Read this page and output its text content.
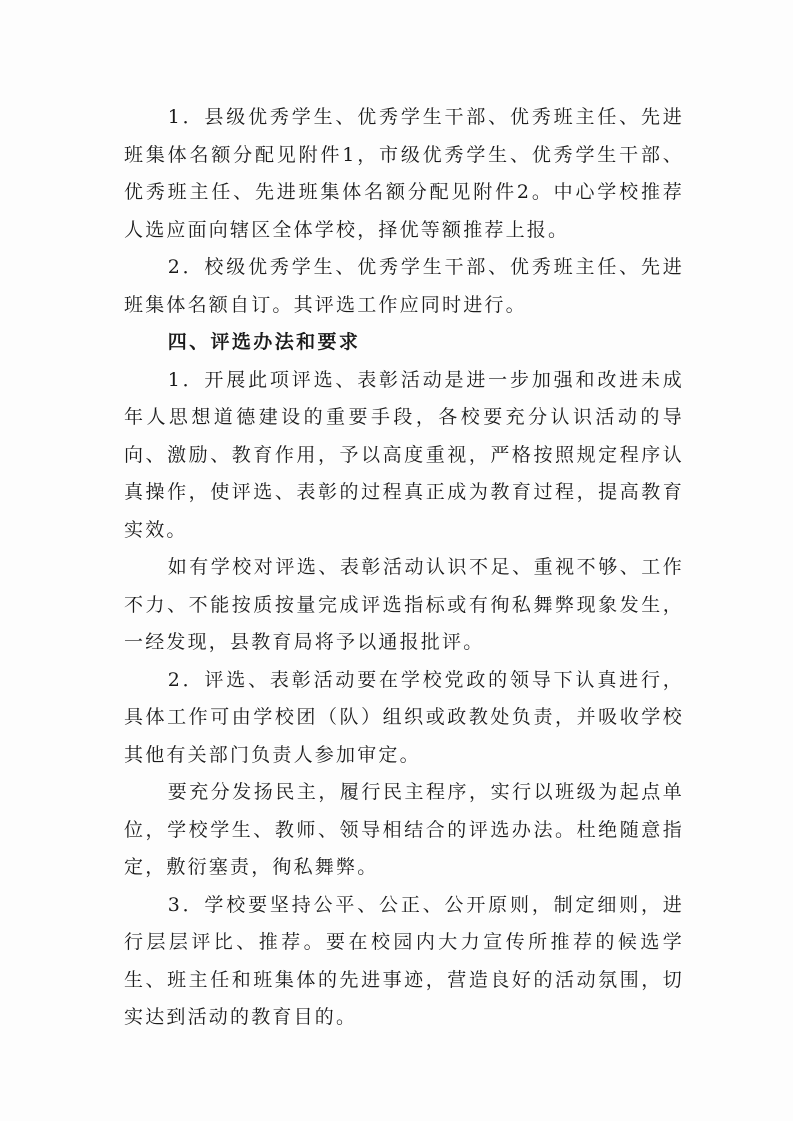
1．县级优秀学生、优秀学生干部、优秀班主任、先进班集体名额分配见附件1，市级优秀学生、优秀学生干部、优秀班主任、先进班集体名额分配见附件2。中心学校推荐人选应面向辖区全体学校，择优等额推荐上报。

2．校级优秀学生、优秀学生干部、优秀班主任、先进班集体名额自订。其评选工作应同时进行。

四、评选办法和要求

1．开展此项评选、表彰活动是进一步加强和改进未成年人思想道德建设的重要手段，各校要充分认识活动的导向、激励、教育作用，予以高度重视，严格按照规定程序认真操作，使评选、表彰的过程真正成为教育过程，提高教育实效。

如有学校对评选、表彰活动认识不足、重视不够、工作不力、不能按质按量完成评选指标或有徇私舞弊现象发生，一经发现，县教育局将予以通报批评。

2．评选、表彰活动要在学校党政的领导下认真进行，具体工作可由学校团（队）组织或政教处负责，并吸收学校其他有关部门负责人参加审定。

要充分发扬民主，履行民主程序，实行以班级为起点单位，学校学生、教师、领导相结合的评选办法。杜绝随意指定，敷衍塞责，徇私舞弊。

3．学校要坚持公平、公正、公开原则，制定细则，进行层层评比、推荐。要在校园内大力宣传所推荐的候选学生、班主任和班集体的先进事迹，营造良好的活动氛围，切实达到活动的教育目的。
